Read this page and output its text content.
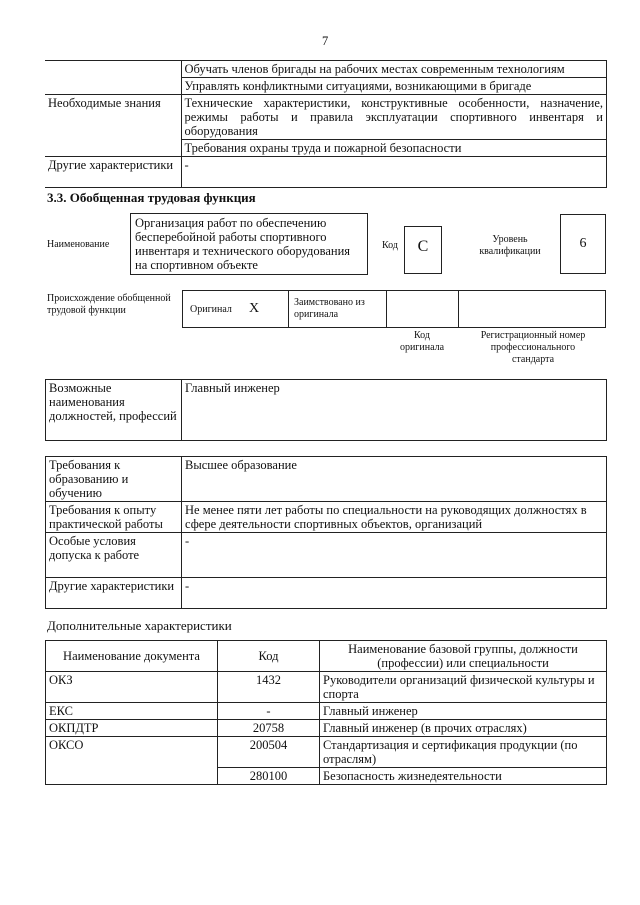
7
	Обучать членов бригады на рабочих местах современным технологиям
	Управлять конфликтными ситуациями, возникающими в бригаде
Необходимые знания	Технические характеристики, конструктивные особенности, назначение, режимы работы и правила эксплуатации спортивного инвентаря и оборудования
	Требования охраны труда и пожарной безопасности
Другие характеристики	-
3.3. Обобщенная трудовая функция
Наименование
Организация работ по обеспечению бесперебойной работы спортивного инвентаря и технического оборудования на спортивном объекте
Код	C	Уровень квалификации
6
Происхождение обобщенной трудовой функции	Оригинал X	Заимствовано из оригинала
Код оригинала
Регистрационный номер профессионального стандарта
Возможные наименования должностей, профессий	Главный инженер
Требования к образованию и обучению	Высшее образование
Требования к опыту практической работы	Не менее пяти лет работы по специальности на руководящих должностях в сфере деятельности спортивных объектов, организаций
Особые условия допуска к работе	-
Другие характеристики	-
Дополнительные характеристики
Наименование документа	Код	Наименование базовой группы, должности (профессии) или специальности
ОКЗ	1432	Руководители организаций физической культуры и спорта
ЕКС	-	Главный инженер
ОКПДТР	20758	Главный инженер (в прочих отраслях)
ОКСО	200504	Стандартизация и сертификация продукции (по отраслям)
	280100	Безопасность жизнедеятельности
